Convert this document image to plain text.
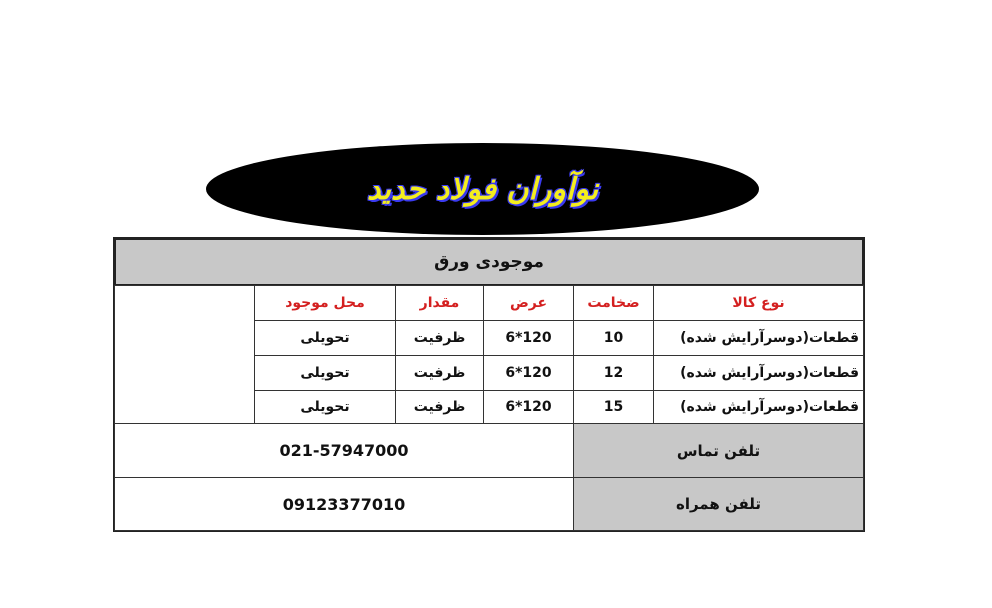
نوآوران فولاد حدید
موجودی ورق
محل موجود	مقدار	عرض	ضخامت	نوع کالا
تحویلی	ظرفیت	120*6	10	قطعات(دوسرآرایش شده)
تحویلی	ظرفیت	120*6	12	قطعات(دوسرآرایش شده)
تحویلی	ظرفیت	120*6	15	قطعات(دوسرآرایش شده)
021-57947000	تلفن تماس
09123377010	تلفن همراه
